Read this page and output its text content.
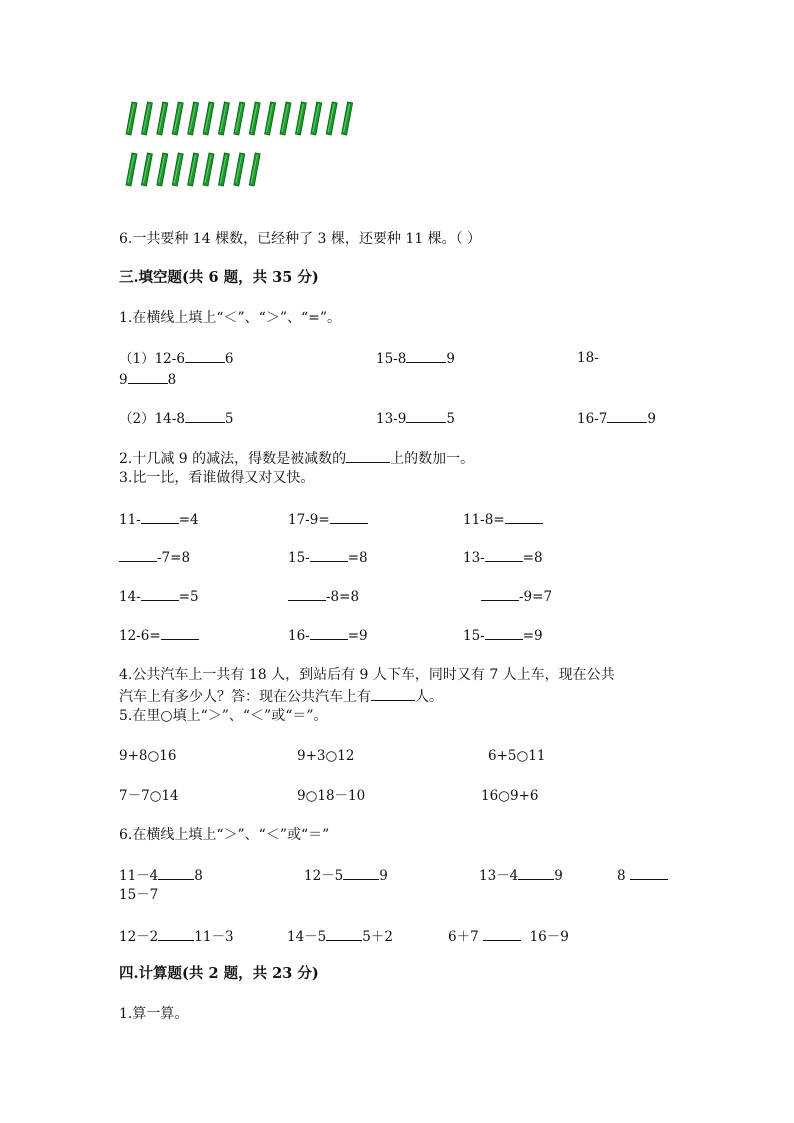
6.一共要种 14 棵数，已经种了 3 棵，还要种 11 棵。（ ）
三.填空题(共 6 题，共 35 分)
1.在横线上填上“＜”、“＞”、“=”。
（1）12-6	6	15-8	9	18-
9	8
（2）14-8	5	13-9	5	16-7	9
2.十几减 9 的减法，得数是被减数的	上的数加一。
3.比一比，看谁做得又对又快。
11-	=4	17-9=	11-8=
-7=8	15-	=8	13-	=8
14-	=5	-8=8	-9=7
12-6=	16-	=9	15-	=9
4.公共汽车上一共有 18 人，到站后有 9 人下车，同时又有 7 人上车，现在公共
汽车上有多少人？答：现在公共汽车上有	人。
5.在里○填上“＞”、“＜”或“＝”。
9+8○16	9+3○12	6+5○11
7－7○14	9○18－10	16○9+6
6.在横线上填上“＞”、“＜”或“＝”
11－4	8	12－5	9	13－4	9	8
15－7
12－2	11－3	14－5	5＋2	6＋7	16－9
四.计算题(共 2 题，共 23 分)
1.算一算。
